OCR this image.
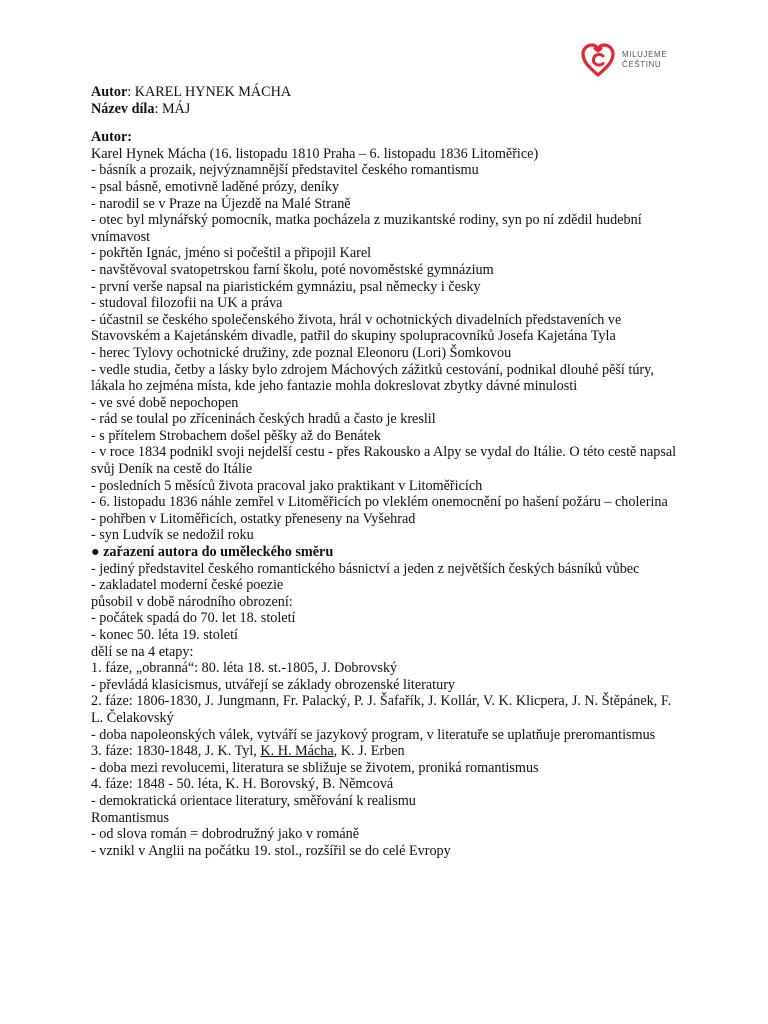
MILUJEME
ČEŠTINU
Autor: KAREL HYNEK MÁCHA
Název díla: MÁJ
Autor:
Karel Hynek Mácha (16. listopadu 1810 Praha – 6. listopadu 1836 Litoměřice)
- básník a prozaik, nejvýznamnější představitel českého romantismu
- psal básně, emotivně laděné prózy, deníky
- narodil se v Praze na Újezdě na Malé Straně
- otec byl mlynářský pomocník, matka pocházela z muzikantské rodiny, syn po ní zdědil hudební vnímavost
- pokřtěn Ignác, jméno si počeštil a připojil Karel
- navštěvoval svatopetrskou farní školu, poté novoměstské gymnázium
- první verše napsal na piaristickém gymnáziu, psal německy i česky
- studoval filozofii na UK a práva
- účastnil se českého společenského života, hrál v ochotnických divadelních představeních ve Stavovském a Kajetánském divadle, patřil do skupiny spolupracovníků Josefa Kajetána Tyla
- herec Tylovy ochotnické družiny, zde poznal Eleonoru (Lori) Šomkovou
- vedle studia, četby a lásky bylo zdrojem Máchových zážitků cestování, podnikal dlouhé pěší túry, lákala ho zejména místa, kde jeho fantazie mohla dokreslovat zbytky dávné minulosti
- ve své době nepochopen
- rád se toulal po zříceninách českých hradů a často je kreslil
- s přítelem Strobachem došel pěšky až do Benátek
- v roce 1834 podnikl svoji nejdelší cestu - přes Rakousko a Alpy se vydal do Itálie. O této cestě napsal svůj Deník na cestě do Itálie
- posledních 5 měsíců života pracoval jako praktikant v Litoměřicích
- 6. listopadu 1836 náhle zemřel v Litoměřicích po vleklém onemocnění po hašení požáru – cholerina
- pohřben v Litoměřicích, ostatky přeneseny na Vyšehrad
- syn Ludvík se nedožil roku
● zařazení autora do uměleckého směru
- jediný představitel českého romantického básnictví a jeden z největších českých básníků vůbec
- zakladatel moderní české poezie
působil v době národního obrození:
- počátek spadá do 70. let 18. století
- konec 50. léta 19. století
dělí se na 4 etapy:
1. fáze, „obranná“: 80. léta 18. st.-1805, J. Dobrovský
- převládá klasicismus, utvářejí se základy obrozenské literatury
2. fáze: 1806-1830, J. Jungmann, Fr. Palacký, P. J. Šafařík, J. Kollár, V. K. Klicpera, J. N. Štěpánek, F. L. Čelakovský
- doba napoleonských válek, vytváří se jazykový program, v literatuře se uplatňuje preromantismus
3. fáze: 1830-1848, J. K. Tyl, K. H. Mácha, K. J. Erben
- doba mezi revolucemi, literatura se sbližuje se životem, proniká romantismus
4. fáze: 1848 - 50. léta, K. H. Borovský, B. Němcová
- demokratická orientace literatury, směřování k realismu
Romantismus
- od slova román = dobrodružný jako v románě
- vznikl v Anglii na počátku 19. stol., rozšířil se do celé Evropy
